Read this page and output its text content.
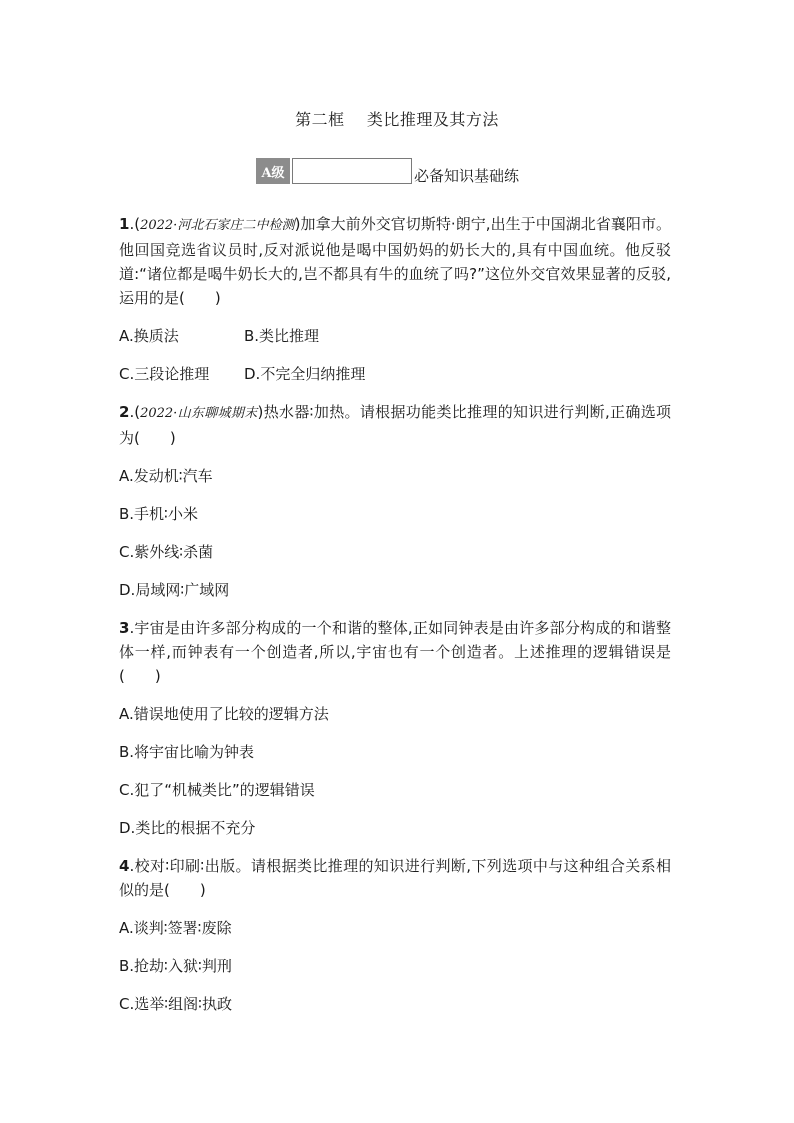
第二框 类比推理及其方法
A级	必备知识基础练
1.(2022·河北石家庄二中检测)加拿大前外交官切斯特·朗宁,出生于中国湖北省襄阳市。他回国竞选省议员时,反对派说他是喝中国奶妈的奶长大的,具有中国血统。他反驳道:“诸位都是喝牛奶长大的,岂不都具有牛的血统了吗?”这位外交官效果显著的反驳,运用的是(　　)
A.换质法	B.类比推理
C.三段论推理	D.不完全归纳推理
2.(2022·山东聊城期末)热水器∶加热。请根据功能类比推理的知识进行判断,正确选项为(　　)
A.发动机∶汽车
B.手机∶小米
C.紫外线∶杀菌
D.局域网∶广域网
3.宇宙是由许多部分构成的一个和谐的整体,正如同钟表是由许多部分构成的和谐整体一样,而钟表有一个创造者,所以,宇宙也有一个创造者。上述推理的逻辑错误是(　　)
A.错误地使用了比较的逻辑方法
B.将宇宙比喻为钟表
C.犯了“机械类比”的逻辑错误
D.类比的根据不充分
4.校对∶印刷∶出版。请根据类比推理的知识进行判断,下列选项中与这种组合关系相似的是(　　)
A.谈判∶签署∶废除
B.抢劫∶入狱∶判刑
C.选举∶组阁∶执政
